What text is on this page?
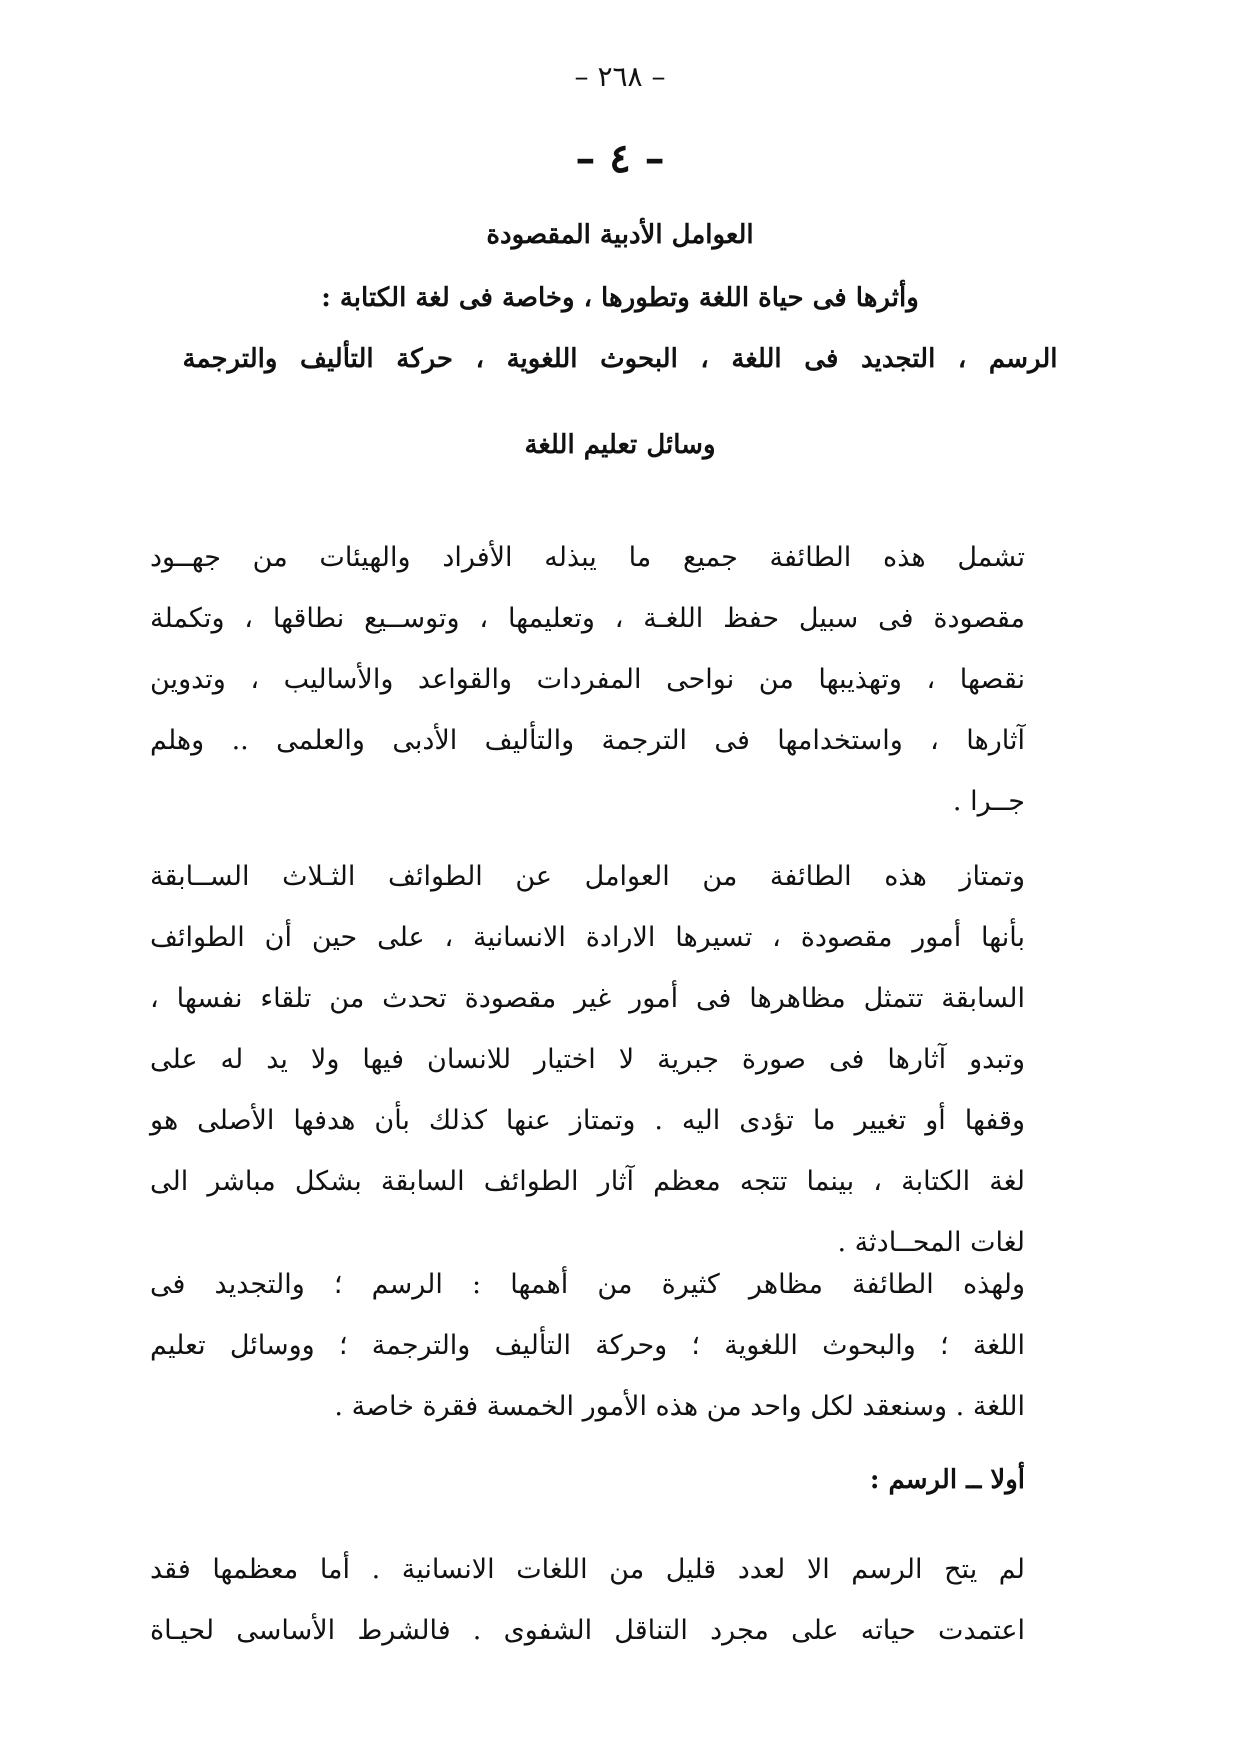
– ٢٦٨ –
– ٤ –
العوامل الأدبية المقصودة
وأثرها فى حياة اللغة وتطورها ، وخاصة فى لغة الكتابة :
الرسم ، التجديد فى اللغة ، البحوث اللغوية ، حركة التأليف والترجمة
وسائل تعليم اللغة
تشمل هذه الطائفة جميع ما يبذله الأفراد والهيئات من جهــود
مقصودة فى سبيل حفظ اللغـة ، وتعليمها ، وتوســيع نطاقها ، وتكملة
نقصها ، وتهذيبها من نواحى المفردات والقواعد والأساليب ، وتدوين
آثارها ، واستخدامها فى الترجمة والتأليف الأدبى والعلمى .. وهلم
جــرا .
وتمتاز هذه الطائفة من العوامل عن الطوائف الثـلاث الســابقة
بأنها أمور مقصودة ، تسيرها الارادة الانسانية ، على حين أن الطوائف
السابقة تتمثل مظاهرها فى أمور غير مقصودة تحدث من تلقاء نفسها ،
وتبدو آثارها فى صورة جبرية لا اختيار للانسان فيها ولا يد له على
وقفها أو تغيير ما تؤدى اليه . وتمتاز عنها كذلك بأن هدفها الأصلى هو
لغة الكتابة ، بينما تتجه معظم آثار الطوائف السابقة بشكل مباشر الى
لغات المحــادثة .
ولهذه الطائفة مظاهر كثيرة من أهمها : الرسم ؛ والتجديد فى
اللغة ؛ والبحوث اللغوية ؛ وحركة التأليف والترجمة ؛ ووسائل تعليم
اللغة . وسنعقد لكل واحد من هذه الأمور الخمسة فقرة خاصة .
أولا ــ الرسم :
لم يتح الرسم الا لعدد قليل من اللغات الانسانية . أما معظمها فقد
اعتمدت حياته على مجرد التناقل الشفوى . فالشرط الأساسى لحيـاة
